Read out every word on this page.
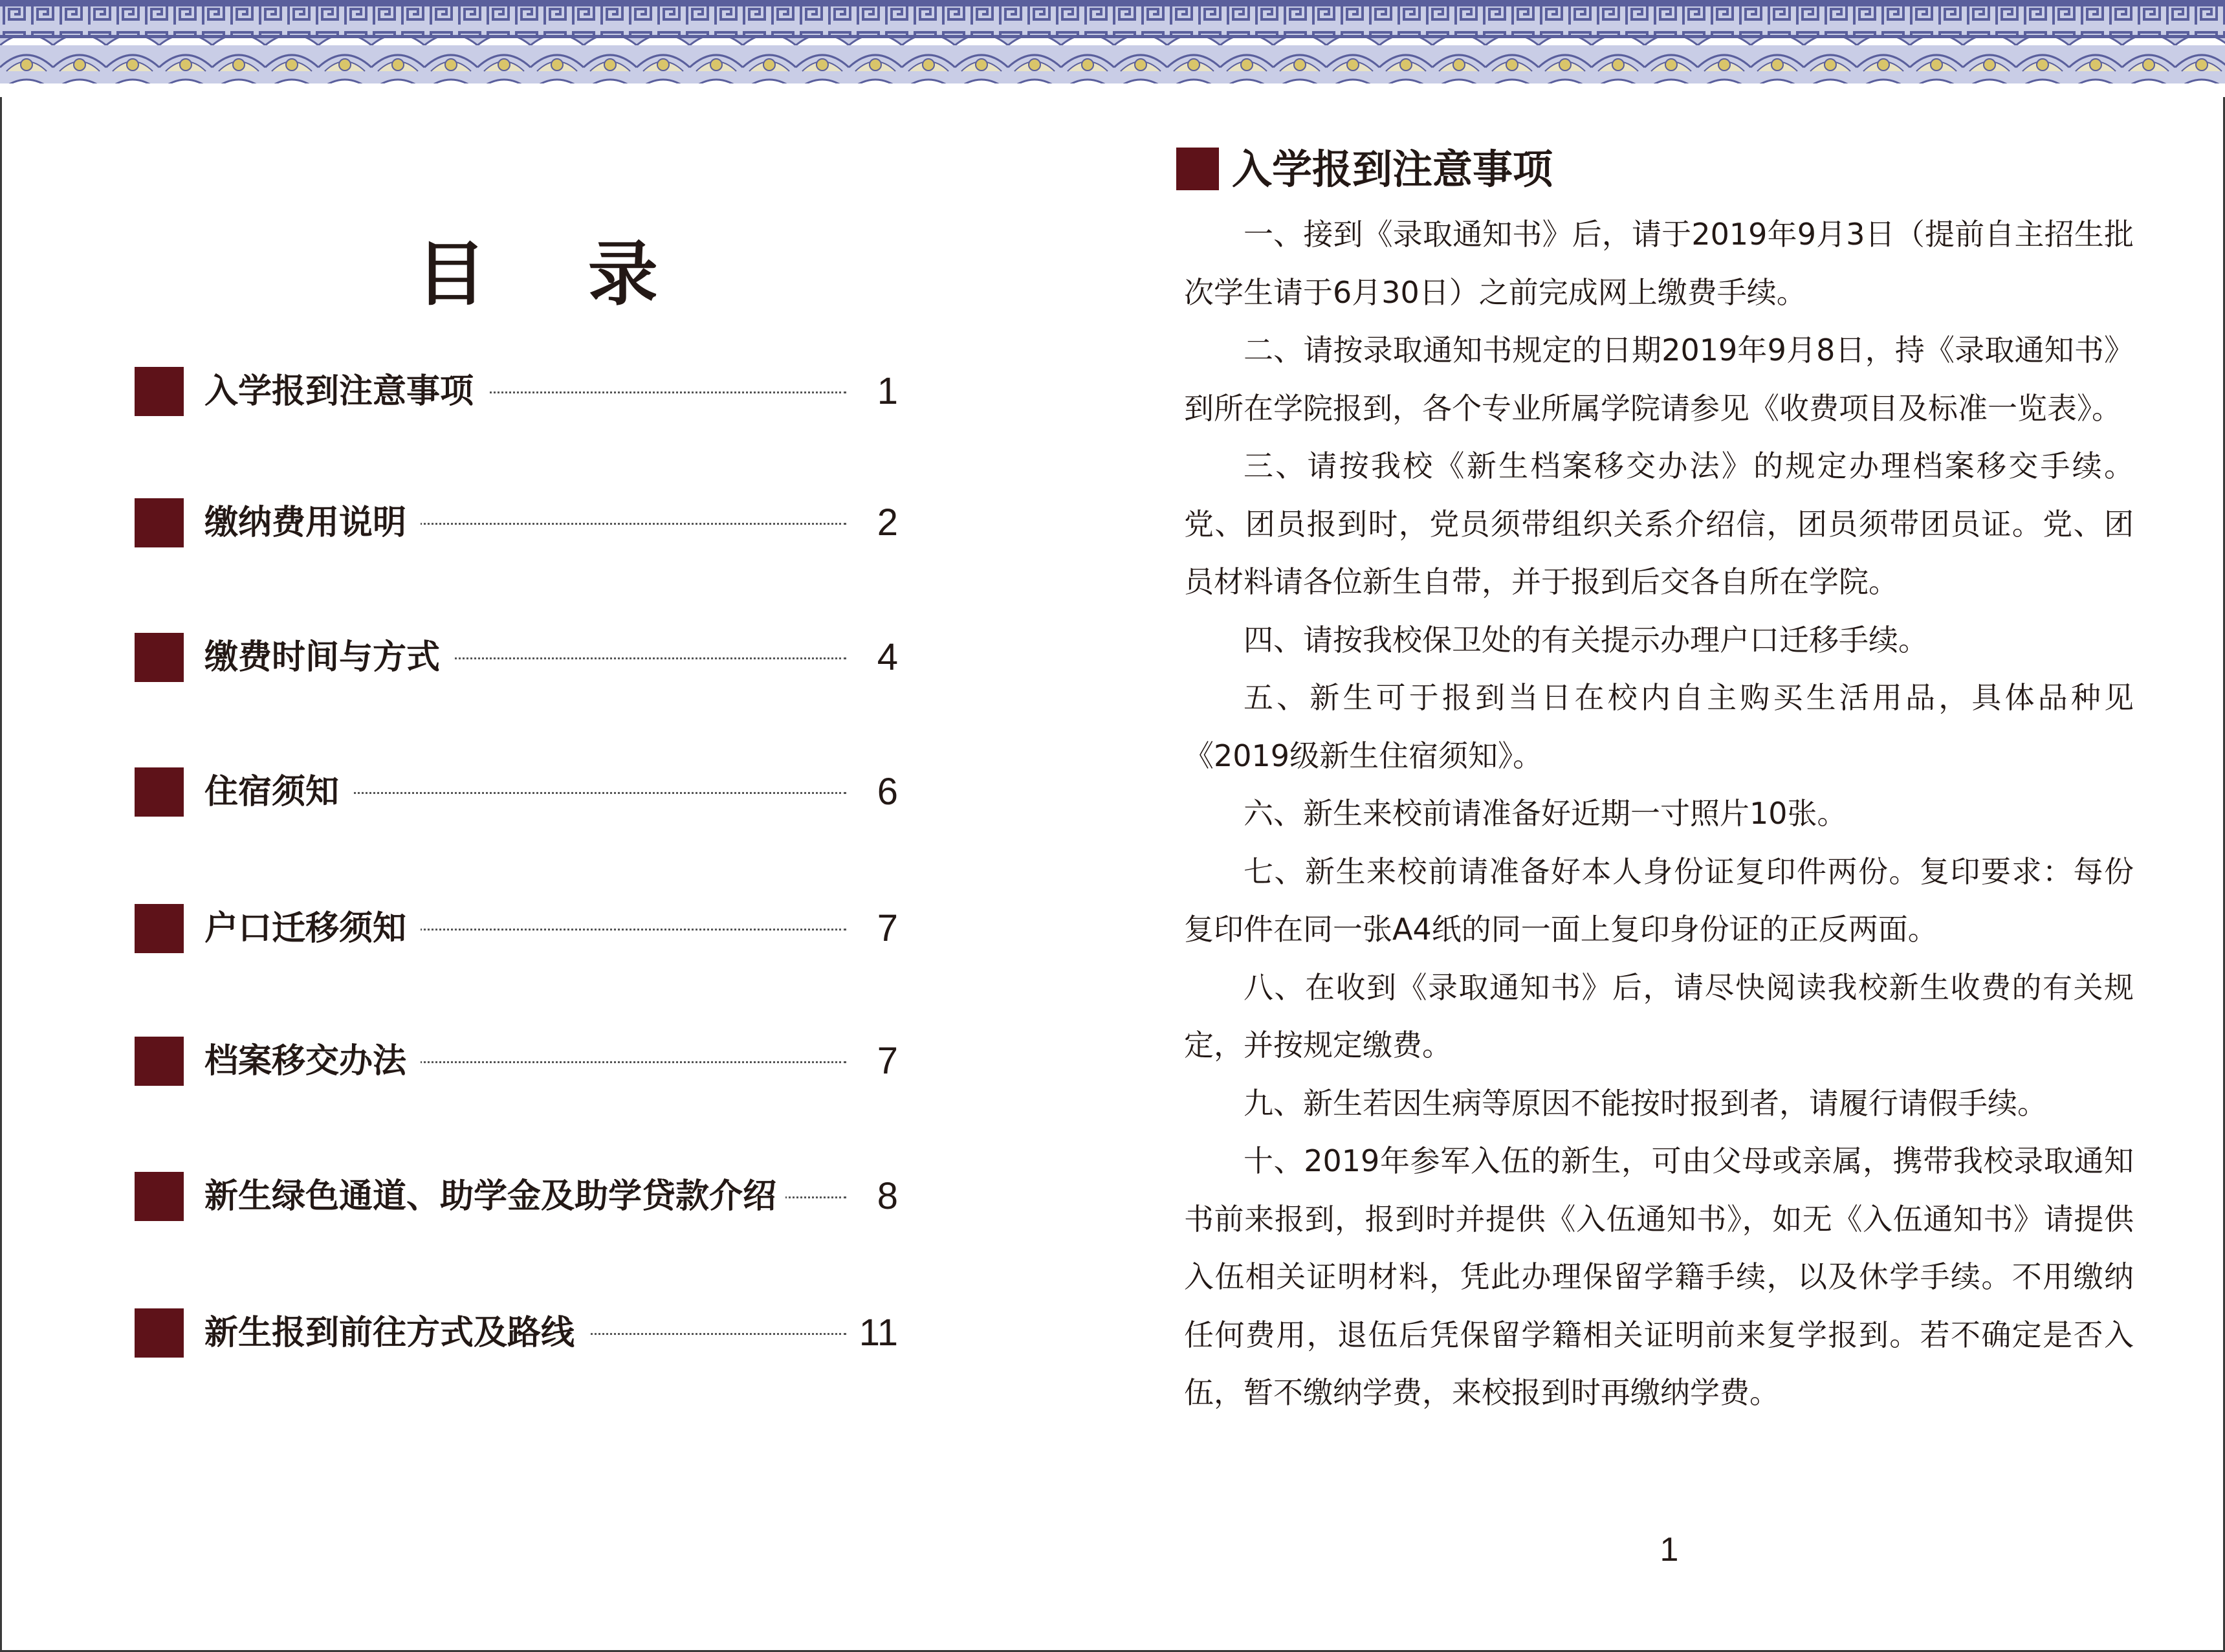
目 录
入学报到注意事项	1
缴纳费用说明	2
缴费时间与方式	4
住宿须知	6
户口迁移须知	7
档案移交办法	7
新生绿色通道、助学金及助学贷款介绍	8
新生报到前往方式及路线	11
入学报到注意事项

一、接到《录取通知书》后，请于2019年9月3日（提前自主招生批次学生请于6月30日）之前完成网上缴费手续。

二、请按录取通知书规定的日期2019年9月8日，持《录取通知书》到所在学院报到，各个专业所属学院请参见《收费项目及标准一览表》。

三、请按我校《新生档案移交办法》的规定办理档案移交手续。党、团员报到时，党员须带组织关系介绍信，团员须带团员证。党、团员材料请各位新生自带，并于报到后交各自所在学院。

四、请按我校保卫处的有关提示办理户口迁移手续。

五、新生可于报到当日在校内自主购买生活用品，具体品种见《2019级新生住宿须知》。

六、新生来校前请准备好近期一寸照片10张。

七、新生来校前请准备好本人身份证复印件两份。复印要求：每份复印件在同一张A4纸的同一面上复印身份证的正反两面。

八、在收到《录取通知书》后，请尽快阅读我校新生收费的有关规定，并按规定缴费。

九、新生若因生病等原因不能按时报到者，请履行请假手续。

十、2019年参军入伍的新生，可由父母或亲属，携带我校录取通知书前来报到，报到时并提供《入伍通知书》，如无《入伍通知书》请提供入伍相关证明材料，凭此办理保留学籍手续，以及休学手续。不用缴纳任何费用，退伍后凭保留学籍相关证明前来复学报到。若不确定是否入伍，暂不缴纳学费，来校报到时再缴纳学费。

1
